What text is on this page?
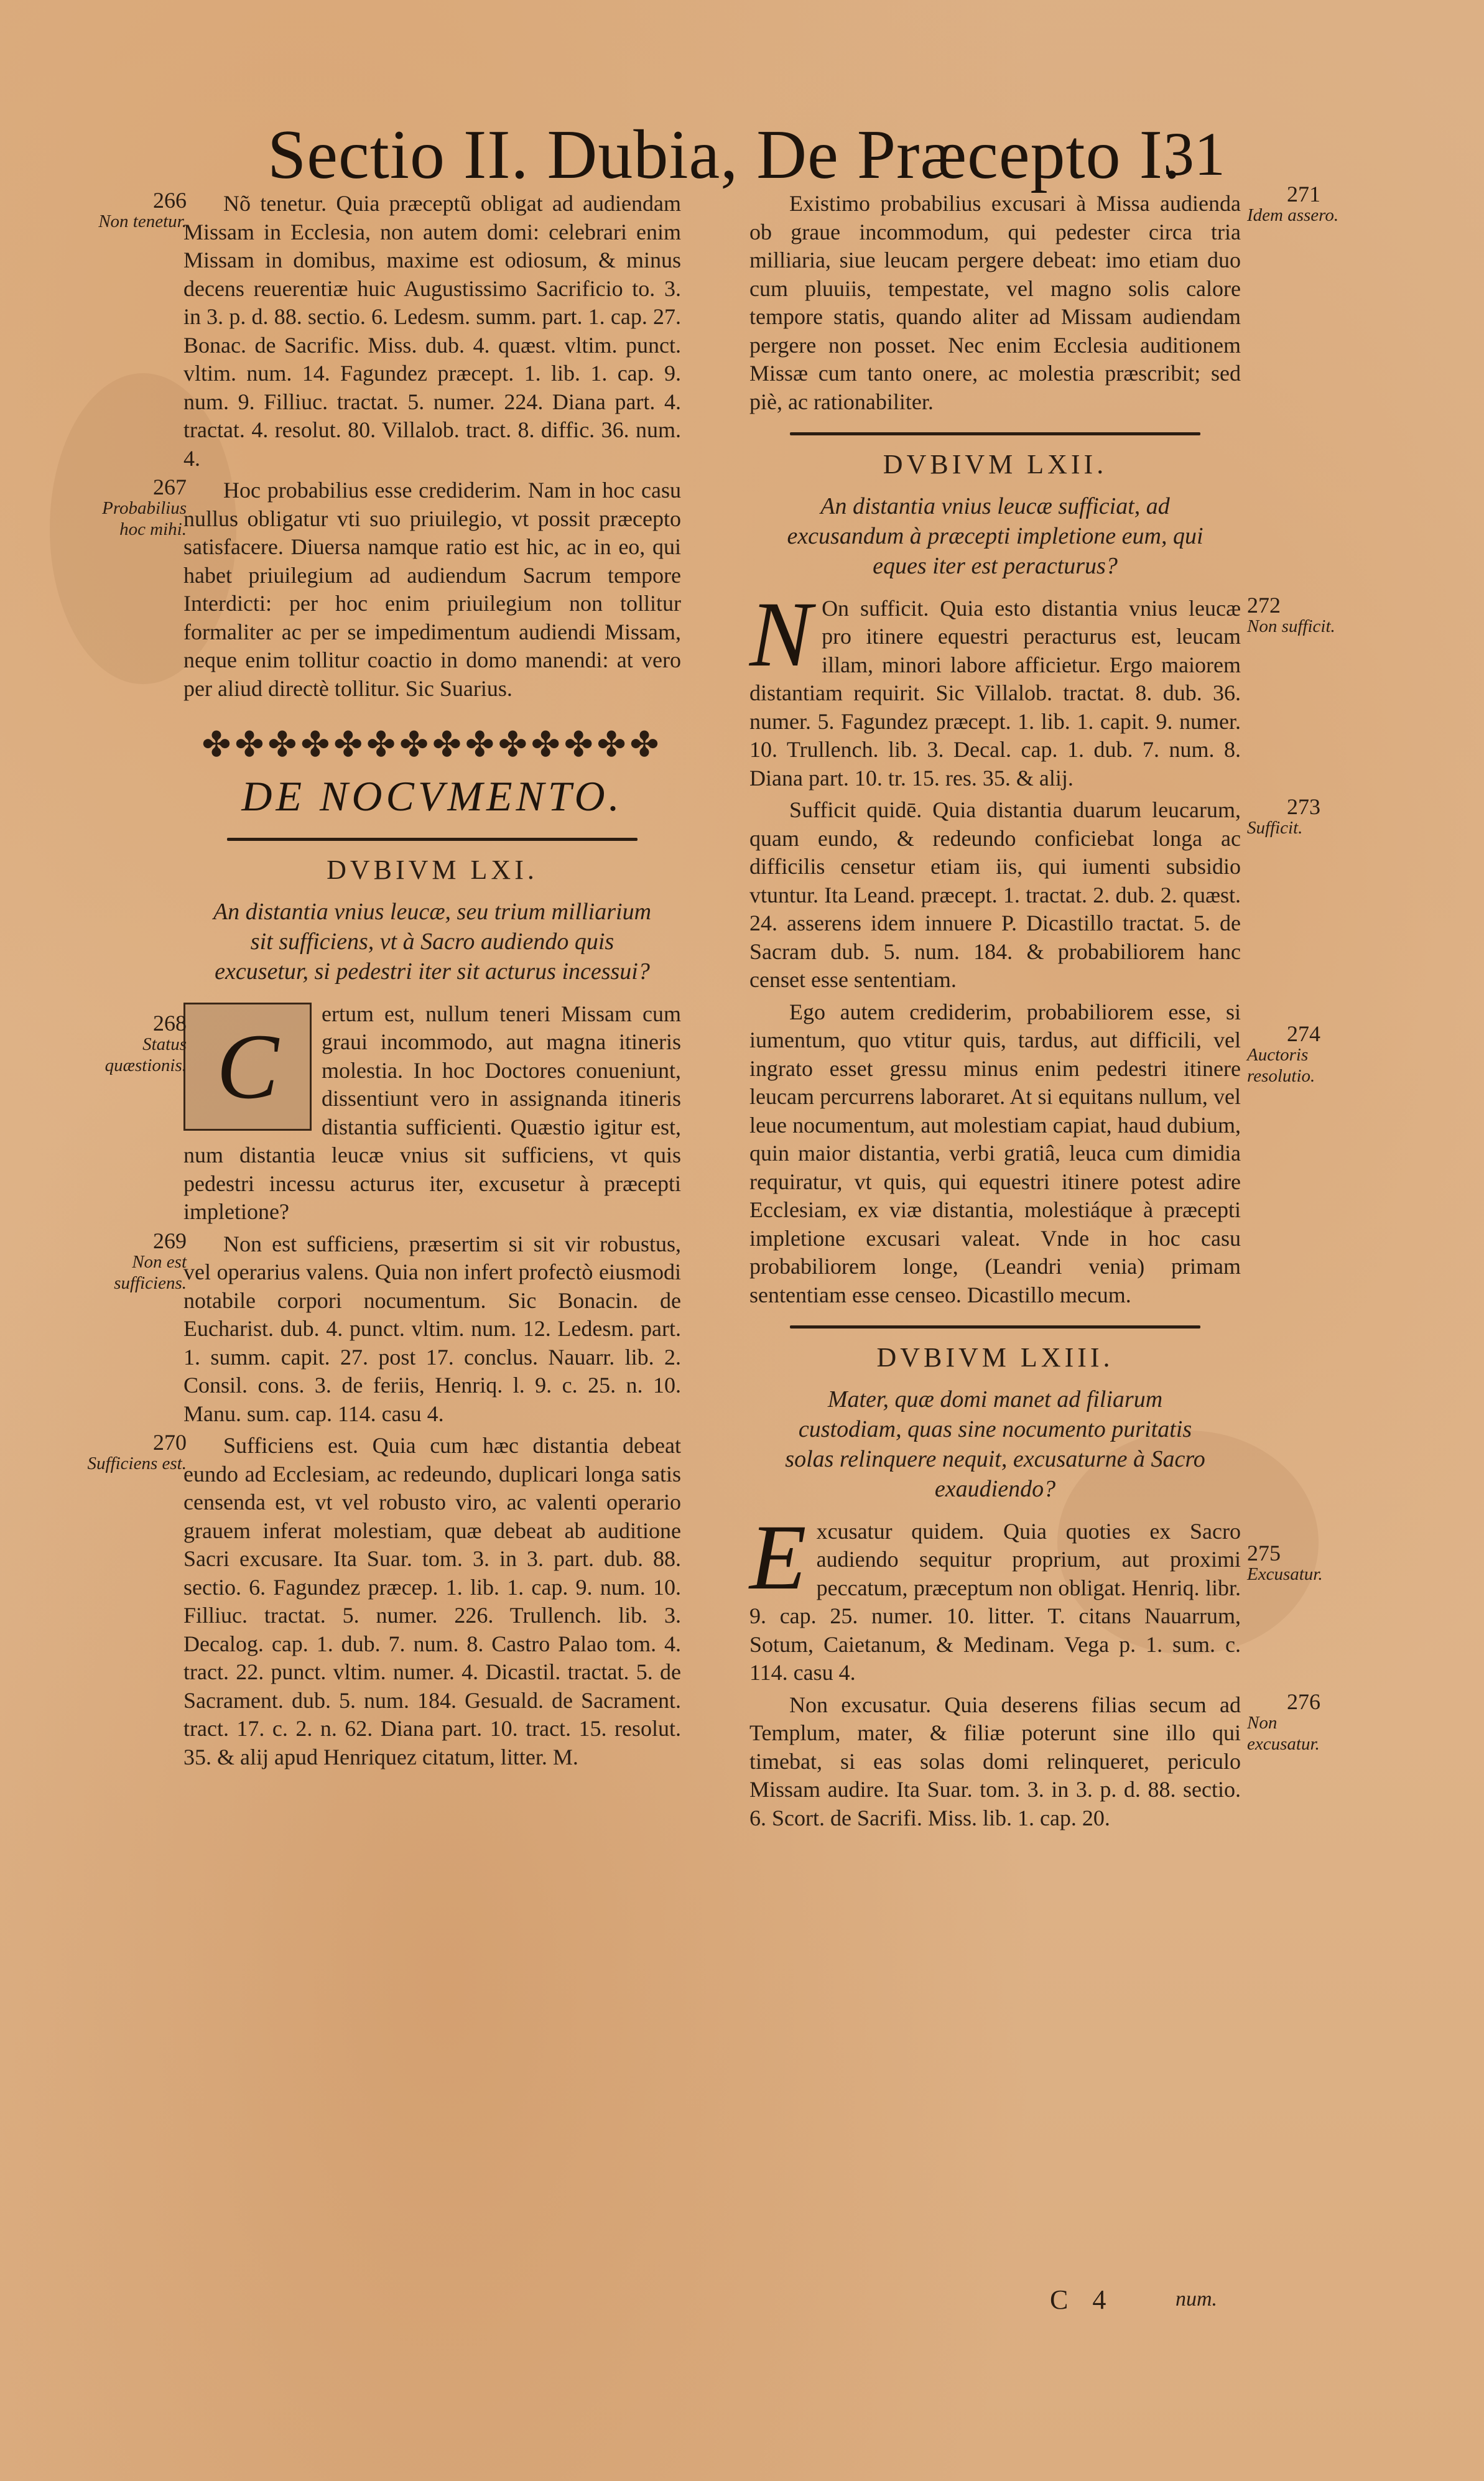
Sectio II. Dubia, De Præcepto I.
31
266
Non tenetur.
Nõ tenetur. Quia præceptũ obligat ad audiendam Missam in Ecclesia, non autem domi: celebrari enim Missam in domibus, maxime est odiosum, & minus decens reuerentiæ huic Augustissimo Sacrificio to. 3. in 3. p. d. 88. sectio. 6. Ledesm. summ. part. 1. cap. 27. Bonac. de Sacrific. Miss. dub. 4. quæst. vltim. punct. vltim. num. 14. Fagundez præcept. 1. lib. 1. cap. 9. num. 9. Filliuc. tractat. 5. numer. 224. Diana part. 4. tractat. 4. resolut. 80. Villalob. tract. 8. diffic. 36. num. 4.
267
Probabilius hoc mihi.
Hoc probabilius esse crediderim. Nam in hoc casu nullus obligatur vti suo priuilegio, vt possit præcepto satisfacere. Diuersa namque ratio est hic, ac in eo, qui habet priuilegium ad audiendum Sacrum tempore Interdicti: per hoc enim priuilegium non tollitur formaliter ac per se impedimentum audiendi Missam, neque enim tollitur coactio in domo manendi: at vero per aliud directè tollitur. Sic Suarius.
✤✤✤✤✤✤✤✤✤✤✤✤✤✤
DE NOCVMENTO.
DVBIVM LXI.
An distantia vnius leucæ, seu trium milliarium sit sufficiens, vt à Sacro audiendo quis excusetur, si pedestri iter sit acturus incessui?
268
Status quæstionis. C
ertum est, nullum teneri Missam cum graui incommodo, aut magna itineris molestia. In hoc Doctores conueniunt, dissentiunt vero in assignanda itineris distantia sufficienti. Quæstio igitur est, num distantia leucæ vnius sit sufficiens, vt quis pedestri incessu acturus iter, excusetur à præcepti impletione?
269
Non est sufficiens.
Non est sufficiens, præsertim si sit vir robustus, vel operarius valens. Quia non infert profectò eiusmodi notabile corpori nocumentum. Sic Bonacin. de Eucharist. dub. 4. punct. vltim. num. 12. Ledesm. part. 1. summ. capit. 27. post 17. conclus. Nauarr. lib. 2. Consil. cons. 3. de feriis, Henriq. l. 9. c. 25. n. 10. Manu. sum. cap. 114. casu 4.
270
Sufficiens est.
Sufficiens est. Quia cum hæc distantia debeat eundo ad Ecclesiam, ac redeundo, duplicari longa satis censenda est, vt vel robusto viro, ac valenti operario grauem inferat molestiam, quæ debeat ab auditione Sacri excusare. Ita Suar. tom. 3. in 3. part. dub. 88. sectio. 6. Fagundez præcep. 1. lib. 1. cap. 9. num. 10. Filliuc. tractat. 5. numer. 226. Trullench. lib. 3. Decalog. cap. 1. dub. 7. num. 8. Castro Palao tom. 4. tract. 22. punct. vltim. numer. 4. Dicastil. tractat. 5. de Sacrament. dub. 5. num. 184. Gesuald. de Sacrament. tract. 17. c. 2. n. 62. Diana part. 10. tract. 15. resolut. 35. & alij apud Henriquez citatum, litter. M.
271
Idem assero.
Existimo probabilius excusari à Missa audienda ob graue incommodum, qui pedester circa tria milliaria, siue leucam pergere debeat: imo etiam duo cum pluuiis, tempestate, vel magno solis calore tempore statis, quando aliter ad Missam audiendam pergere non posset. Nec enim Ecclesia auditionem Missæ cum tanto onere, ac molestia præscribit; sed piè, ac rationabiliter.
DVBIVM LXII.
An distantia vnius leucæ sufficiat, ad excusandum à præcepti impletione eum, qui eques iter est peracturus?
272
Non sufficit.
N On sufficit. Quia esto distantia vnius leucæ pro itinere equestri peracturus est, leucam illam, minori labore afficietur. Ergo maiorem distantiam requirit. Sic Villalob. tractat. 8. dub. 36. numer. 5. Fagundez præcept. 1. lib. 1. capit. 9. numer. 10. Trullench. lib. 3. Decal. cap. 1. dub. 7. num. 8. Diana part. 10. tr. 15. res. 35. & alij.
273
Sufficit.
Sufficit quidē. Quia distantia duarum leucarum, quam eundo, & redeundo conficiebat longa ac difficilis censetur etiam iis, qui iumenti subsidio vtuntur. Ita Leand. præcept. 1. tractat. 2. dub. 2. quæst. 24. asserens idem innuere P. Dicastillo tractat. 5. de Sacram dub. 5. num. 184. & probabiliorem hanc censet esse sententiam.
274
Auctoris resolutio.
Ego autem crediderim, probabiliorem esse, si iumentum, quo vtitur quis, tardus, aut difficili, vel ingrato esset gressu minus enim pedestri itinere leucam percurrens laboraret. At si equitans nullum, vel leue nocumentum, aut molestiam capiat, haud dubium, quin maior distantia, verbi gratiâ, leuca cum dimidia requiratur, vt quis, qui equestri itinere potest adire Ecclesiam, ex viæ distantia, molestiáque à præcepti impletione excusari valeat. Vnde in hoc casu probabiliorem longe, (Leandri venia) primam sententiam esse censeo. Dicastillo mecum.
DVBIVM LXIII.
Mater, quæ domi manet ad filiarum custodiam, quas sine nocumento puritatis solas relinquere nequit, excusaturne à Sacro exaudiendo?
275
Excusatur.
E xcusatur quidem. Quia quoties ex Sacro audiendo sequitur proprium, aut proximi peccatum, præceptum non obligat. Henriq. libr. 9. cap. 25. numer. 10. litter. T. citans Nauarrum, Sotum, Caietanum, & Medinam. Vega p. 1. sum. c. 114. casu 4.
276
Non excusatur.
Non excusatur. Quia deserens filias secum ad Templum, mater, & filiæ poterunt sine illo qui timebat, si eas solas domi relinqueret, periculo Missam audire. Ita Suar. tom. 3. in 3. p. d. 88. sectio. 6. Scort. de Sacrifi. Miss. lib. 1. cap. 20.
C 4	num.
